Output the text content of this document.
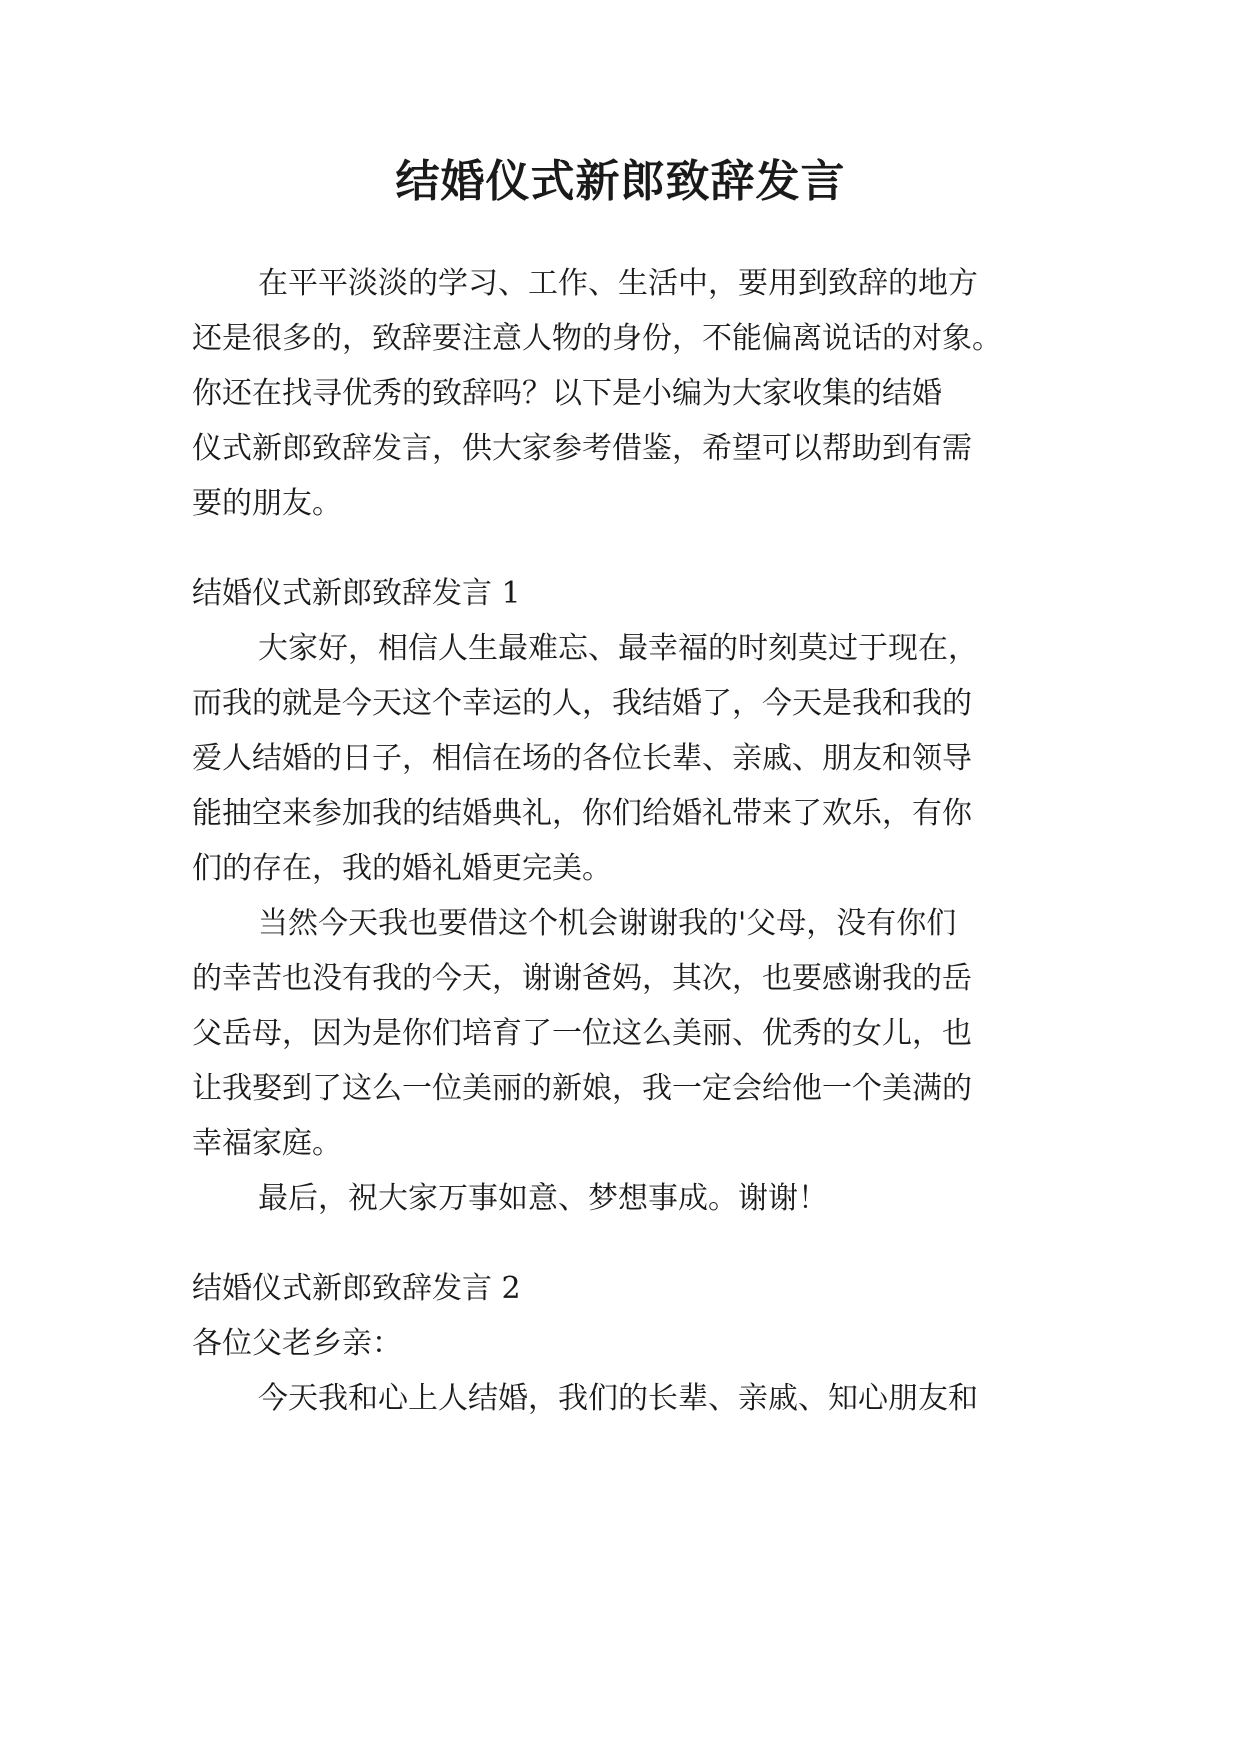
结婚仪式新郎致辞发言
在平平淡淡的学习、工作、生活中，要用到致辞的地方
还是很多的，致辞要注意人物的身份，不能偏离说话的对象。
你还在找寻优秀的致辞吗？以下是小编为大家收集的结婚
仪式新郎致辞发言，供大家参考借鉴，希望可以帮助到有需
要的朋友。
结婚仪式新郎致辞发言 1
大家好，相信人生最难忘、最幸福的时刻莫过于现在，
而我的就是今天这个幸运的人，我结婚了，今天是我和我的
爱人结婚的日子，相信在场的各位长辈、亲戚、朋友和领导
能抽空来参加我的结婚典礼，你们给婚礼带来了欢乐，有你
们的存在，我的婚礼婚更完美。
当然今天我也要借这个机会谢谢我的'父母，没有你们
的幸苦也没有我的今天，谢谢爸妈，其次，也要感谢我的岳
父岳母，因为是你们培育了一位这么美丽、优秀的女儿，也
让我娶到了这么一位美丽的新娘，我一定会给他一个美满的
幸福家庭。
最后，祝大家万事如意、梦想事成。谢谢！
结婚仪式新郎致辞发言 2
各位父老乡亲：
今天我和心上人结婚，我们的长辈、亲戚、知心朋友和
